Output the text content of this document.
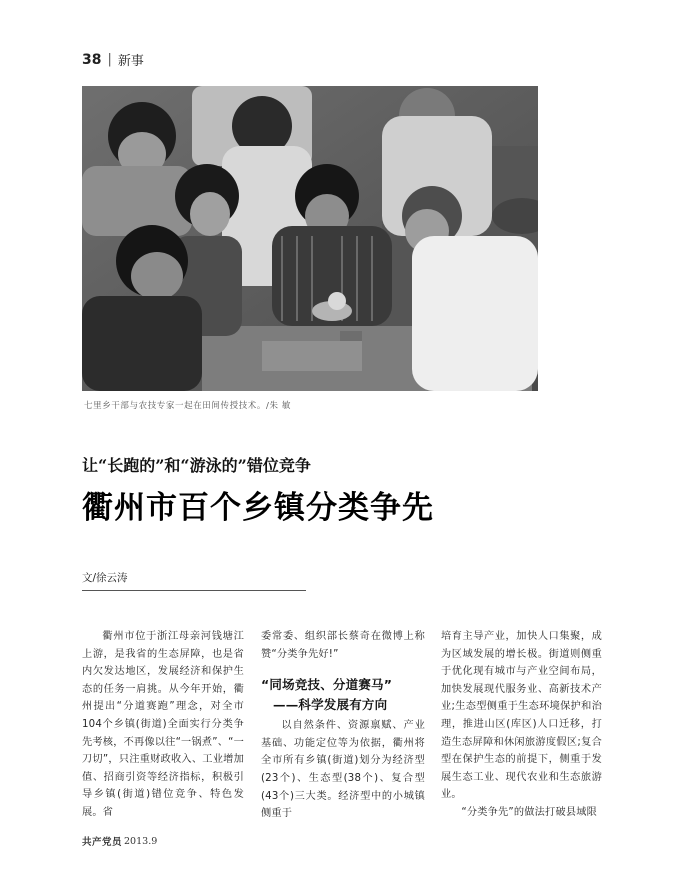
38 | 新事
七里乡干部与农技专家一起在田间传授技术。/朱 敏
让“长跑的”和“游泳的”错位竞争
衢州市百个乡镇分类争先
文/徐云涛

衢州市位于浙江母亲河钱塘江上游，是我省的生态屏障，也是省内欠发达地区，发展经济和保护生态的任务一肩挑。从今年开始，衢州提出“分道赛跑”理念，对全市104个乡镇(街道)全面实行分类争先考核，不再像以往“一锅煮”、“一刀切”，只注重财政收入、工业增加值、招商引资等经济指标，积极引导乡镇(街道)错位竞争、特色发展。省

委常委、组织部长蔡奇在微博上称赞“分类争先好!”

“同场竞技、分道赛马”
——科学发展有方向

以自然条件、资源禀赋、产业基础、功能定位等为依据，衢州将全市所有乡镇(街道)划分为经济型(23个)、生态型(38个)、复合型(43个)三大类。经济型中的小城镇侧重于

培育主导产业，加快人口集聚，成为区域发展的增长极。街道则侧重于优化现有城市与产业空间布局，加快发展现代服务业、高新技术产业;生态型侧重于生态环境保护和治理，推进山区(库区)人口迁移，打造生态屏障和休闲旅游度假区;复合型在保护生态的前提下，侧重于发展生态工业、现代农业和生态旅游业。

“分类争先”的做法打破县域限

共产党员 2013.9
